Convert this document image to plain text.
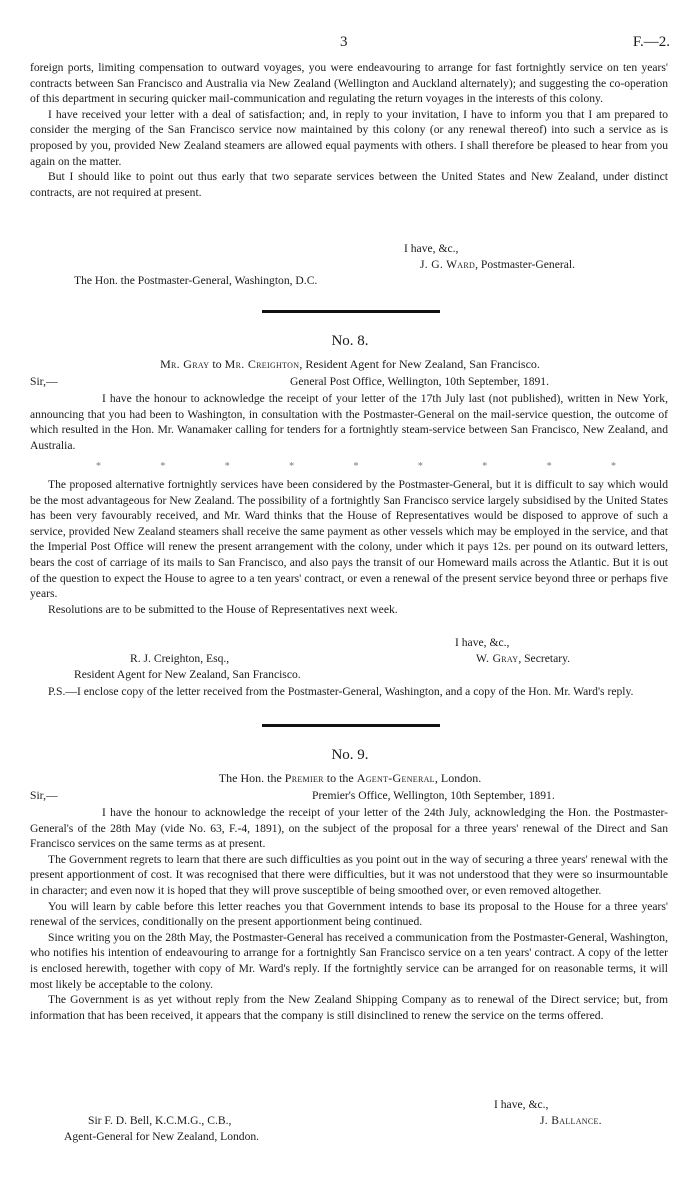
3	F.—2.

foreign ports, limiting compensation to outward voyages, you were endeavouring to arrange for fast fortnightly service on ten years' contracts between San Francisco and Australia via New Zealand (Wellington and Auckland alternately); and suggesting the co-operation of this department in securing quicker mail-communication and regulating the return voyages in the interests of this colony.

I have received your letter with a deal of satisfaction; and, in reply to your invitation, I have to inform you that I am prepared to consider the merging of the San Francisco service now maintained by this colony (or any renewal thereof) into such a service as is proposed by you, provided New Zealand steamers are allowed equal payments with others. I shall therefore be pleased to hear from you again on the matter.

But I should like to point out thus early that two separate services between the United States and New Zealand, under distinct contracts, are not required at present.

I have, &c.,
J. G. Ward, Postmaster-General.
The Hon. the Postmaster-General, Washington, D.C.
No. 8.
Mr. Gray to Mr. Creighton, Resident Agent for New Zealand, San Francisco.
Sir,—	General Post Office, Wellington, 10th September, 1891.

I have the honour to acknowledge the receipt of your letter of the 17th July last (not published), written in New York, announcing that you had been to Washington, in consultation with the Postmaster-General on the mail-service question, the outcome of which resulted in the Hon. Mr. Wanamaker calling for tenders for a fortnightly steam-service between San Francisco, New Zealand, and Australia.

*	*	*	*	*	*	*	*	*

The proposed alternative fortnightly services have been considered by the Postmaster-General, but it is difficult to say which would be the most advantageous for New Zealand. The possibility of a fortnightly San Francisco service largely subsidised by the United States has been very favourably received, and Mr. Ward thinks that the House of Representatives would be disposed to approve of such a service, provided New Zealand steamers shall receive the same payment as other vessels which may be employed in the service, and that the Imperial Post Office will renew the present arrangement with the colony, under which it pays 12s. per pound on its outward letters, bears the cost of carriage of its mails to San Francisco, and also pays the transit of our Homeward mails across the Atlantic. But it is out of the question to expect the House to agree to a ten years' contract, or even a renewal of the present service beyond three or perhaps five years.

Resolutions are to be submitted to the House of Representatives next week.

I have, &c.,
R. J. Creighton, Esq.,	W. Gray, Secretary.
Resident Agent for New Zealand, San Francisco.

P.S.—I enclose copy of the letter received from the Postmaster-General, Washington, and a copy of the Hon. Mr. Ward's reply.

No. 9.
The Hon. the Premier to the Agent-General, London.
Sir,—	Premier's Office, Wellington, 10th September, 1891.

I have the honour to acknowledge the receipt of your letter of the 24th July, acknowledging the Hon. the Postmaster-General's of the 28th May (vide No. 63, F.-4, 1891), on the subject of the proposal for a three years' renewal of the Direct and San Francisco services on the same terms as at present.

The Government regrets to learn that there are such difficulties as you point out in the way of securing a three years' renewal with the present apportionment of cost. It was recognised that there were difficulties, but it was not understood that they were so insurmountable in character; and even now it is hoped that they will prove susceptible of being smoothed over, or even removed altogether.

You will learn by cable before this letter reaches you that Government intends to base its proposal to the House for a three years' renewal of the services, conditionally on the present apportionment being continued.

Since writing you on the 28th May, the Postmaster-General has received a communication from the Postmaster-General, Washington, who notifies his intention of endeavouring to arrange for a fortnightly San Francisco service on a ten years' contract. A copy of the letter is enclosed herewith, together with copy of Mr. Ward's reply. If the fortnightly service can be arranged for on reasonable terms, it will most likely be acceptable to the colony.

The Government is as yet without reply from the New Zealand Shipping Company as to renewal of the Direct service; but, from information that has been received, it appears that the company is still disinclined to renew the service on the terms offered.

I have, &c.,
Sir F. D. Bell, K.C.M.G., C.B.,	J. Ballance.
Agent-General for New Zealand, London.
